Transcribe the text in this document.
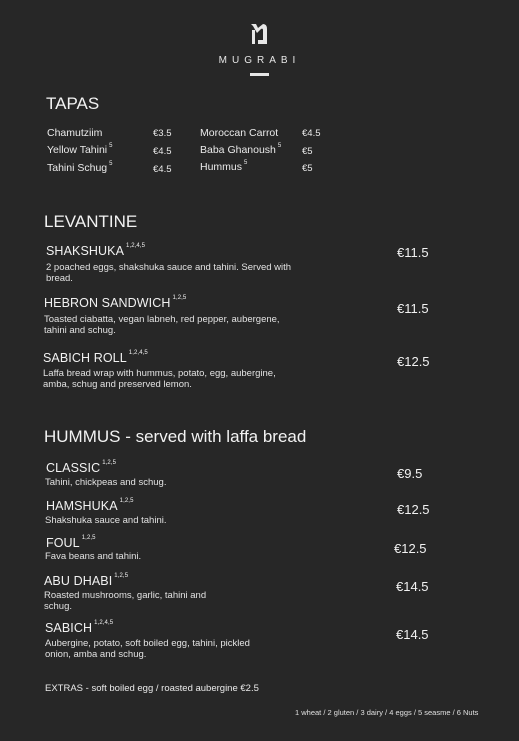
MUGRABI
TAPAS
Chamutziim	€3.5
Yellow Tahini $^5$	€4.5
Tahini Schug $^5$	€4.5
Moroccan Carrot	€4.5
Baba Ghanoush $^5$ €5
Hummus $^5$	€5
LEVANTINE
SHAKSHUKA $^{1,2,4,5}$
2 poached eggs, shakshuka sauce and tahini. Served with bread.
€11.5
HEBRON SANDWICH $^{1,2,5}$
Toasted ciabatta, vegan labneh, red pepper, aubergene, tahini and schug.
€11.5
SABICH ROLL $^{1,2,4,5}$
Laffa bread wrap with hummus, potato, egg, aubergine, amba, schug and preserved lemon.
€12.5
HUMMUS - served with laffa bread
CLASSIC $^{1,2,5}$
Tahini, chickpeas and schug.
€9.5
HAMSHUKA $^{1,2,5}$
Shakshuka sauce and tahini.
€12.5
FOUL $^{1,2,5}$
Fava beans and tahini.
€12.5
ABU DHABI $^{1,2,5}$
Roasted mushrooms, garlic, tahini and schug.
€14.5
SABICH $^{1,2,4,5}$
Aubergine, potato, soft boiled egg, tahini, pickled onion, amba and schug.
€14.5
EXTRAS - soft boiled egg / roasted aubergine €2.5
1 wheat / 2 gluten / 3 dairy / 4 eggs / 5 seasme / 6 Nuts
